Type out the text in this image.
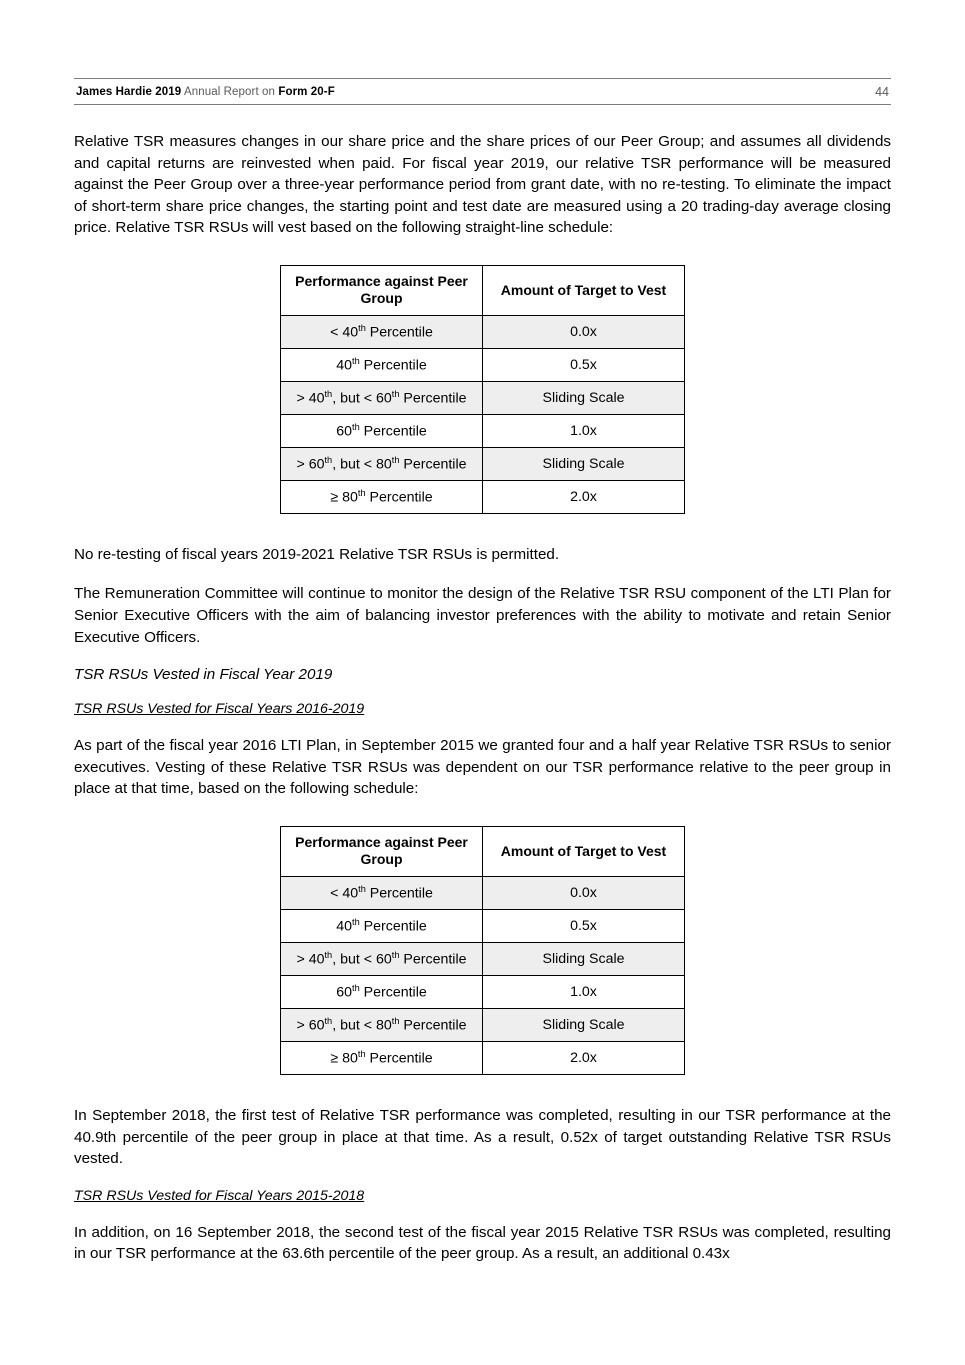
James Hardie 2019 Annual Report on Form 20-F	44

Relative TSR measures changes in our share price and the share prices of our Peer Group; and assumes all dividends and capital returns are reinvested when paid. For fiscal year 2019, our relative TSR performance will be measured against the Peer Group over a three-year performance period from grant date, with no re-testing. To eliminate the impact of short-term share price changes, the starting point and test date are measured using a 20 trading-day average closing price. Relative TSR RSUs will vest based on the following straight-line schedule:

Performance against Peer Group	Amount of Target to Vest
< 40th Percentile	0.0x
40th Percentile	0.5x
> 40th, but < 60th Percentile	Sliding Scale
60th Percentile	1.0x
> 60th, but < 80th Percentile	Sliding Scale
≥ 80th Percentile	2.0x

No re-testing of fiscal years 2019-2021 Relative TSR RSUs is permitted.

The Remuneration Committee will continue to monitor the design of the Relative TSR RSU component of the LTI Plan for Senior Executive Officers with the aim of balancing investor preferences with the ability to motivate and retain Senior Executive Officers.

TSR RSUs Vested in Fiscal Year 2019

TSR RSUs Vested for Fiscal Years 2016-2019

As part of the fiscal year 2016 LTI Plan, in September 2015 we granted four and a half year Relative TSR RSUs to senior executives. Vesting of these Relative TSR RSUs was dependent on our TSR performance relative to the peer group in place at that time, based on the following schedule:

Performance against Peer Group	Amount of Target to Vest
< 40th Percentile	0.0x
40th Percentile	0.5x
> 40th, but < 60th Percentile	Sliding Scale
60th Percentile	1.0x
> 60th, but < 80th Percentile	Sliding Scale
≥ 80th Percentile	2.0x

In September 2018, the first test of Relative TSR performance was completed, resulting in our TSR performance at the 40.9th percentile of the peer group in place at that time. As a result, 0.52x of target outstanding Relative TSR RSUs vested.

TSR RSUs Vested for Fiscal Years 2015-2018

In addition, on 16 September 2018, the second test of the fiscal year 2015 Relative TSR RSUs was completed, resulting in our TSR performance at the 63.6th percentile of the peer group. As a result, an additional 0.43x
